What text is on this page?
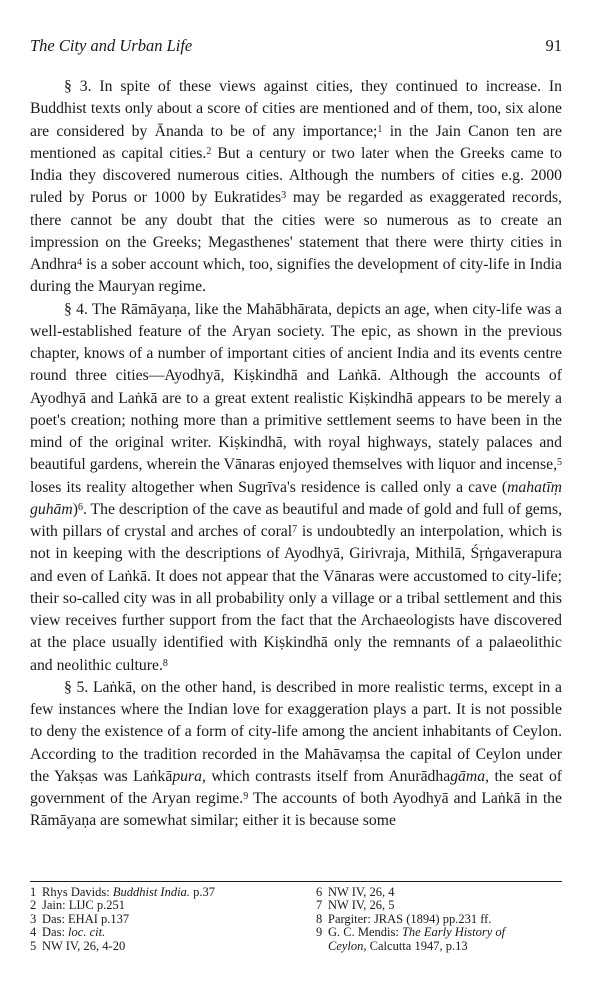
The City and Urban Life	91

§ 3. In spite of these views against cities, they continued to increase. In Buddhist texts only about a score of cities are mentioned and of them, too, six alone are considered by Ānanda to be of any importance;$^1$ in the Jain Canon ten are mentioned as capital cities.$^2$ But a century or two later when the Greeks came to India they discovered numerous cities. Although the numbers of cities e.g. 2000 ruled by Porus or 1000 by Eukratides$^3$ may be regarded as exaggerated records, there cannot be any doubt that the cities were so numerous as to create an impression on the Greeks; Megasthenes' statement that there were thirty cities in Andhra$^4$ is a sober account which, too, signifies the development of city-life in India during the Mauryan regime.

§ 4. The Rāmāyaṇa, like the Mahābhārata, depicts an age, when city-life was a well-established feature of the Aryan society. The epic, as shown in the previous chapter, knows of a number of important cities of ancient India and its events centre round three cities—Ayodhyā, Kiṣkindhā and Laṅkā. Although the accounts of Ayodhyā and Laṅkā are to a great extent realistic Kiṣkindhā appears to be merely a poet's creation; nothing more than a primitive settlement seems to have been in the mind of the original writer. Kiṣkindhā, with royal highways, stately palaces and beautiful gardens, wherein the Vānaras enjoyed themselves with liquor and incense,$^5$ loses its reality altogether when Sugrīva's residence is called only a cave (mahatīṃ guhām)$^6$. The description of the cave as beautiful and made of gold and full of gems, with pillars of crystal and arches of coral$^7$ is undoubtedly an interpolation, which is not in keeping with the descriptions of Ayodhyā, Girivraja, Mithilā, Śṛṅgaverapura and even of Laṅkā. It does not appear that the Vānaras were accustomed to city-life; their so-called city was in all probability only a village or a tribal settlement and this view receives further support from the fact that the Archaeologists have discovered at the place usually identified with Kiṣkindhā only the remnants of a palaeolithic and neolithic culture.$^8$

§ 5. Laṅkā, on the other hand, is described in more realistic terms, except in a few instances where the Indian love for exaggeration plays a part. It is not possible to deny the existence of a form of city-life among the ancient inhabitants of Ceylon. According to the tradition recorded in the Mahāvaṃsa the capital of Ceylon under the Yakṣas was Laṅkāpura, which contrasts itself from Anurādhagāma, the seat of government of the Aryan regime.$^9$ The accounts of both Ayodhyā and Laṅkā in the Rāmāyaṇa are somewhat similar; either it is because some

1 Rhys Davids: Buddhist India. p.37
2 Jain: LIJC p.251
3 Das: EHAI p.137
4 Das: loc. cit.
5 NW IV, 26, 4-20
6 NW IV, 26, 4
7 NW IV, 26, 5
8 Pargiter: JRAS (1894) pp.231 ff.
9 G. C. Mendis: The Early History of
Ceylon, Calcutta 1947, p.13
